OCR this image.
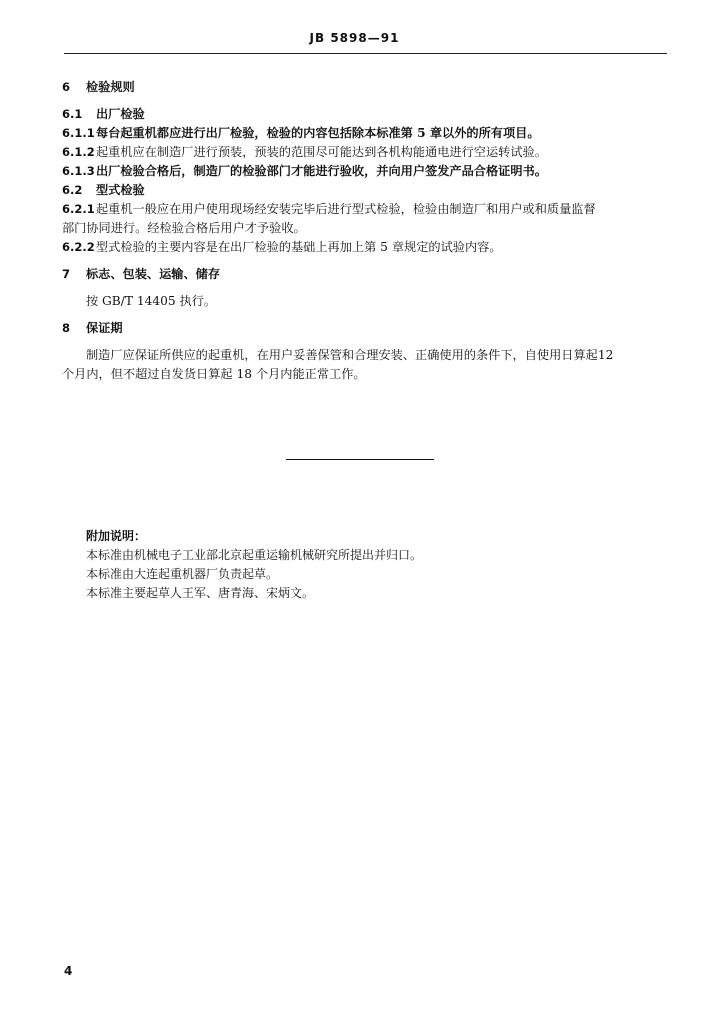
JB 5898—91
6 检验规则
6.1 出厂检验
6.1.1每台起重机都应进行出厂检验，检验的内容包括除本标准第 5 章以外的所有项目。
6.1.2起重机应在制造厂进行预装，预装的范围尽可能达到各机构能通电进行空运转试验。
6.1.3出厂检验合格后，制造厂的检验部门才能进行验收，并向用户签发产品合格证明书。
6.2 型式检验
6.2.1起重机一般应在用户使用现场经安装完毕后进行型式检验，检验由制造厂和用户或和质量监督
部门协同进行。经检验合格后用户才予验收。
6.2.2型式检验的主要内容是在出厂检验的基础上再加上第 5 章规定的试验内容。
7 标志、包装、运输、储存
按 GB/T 14405 执行。
8 保证期
制造厂应保证所供应的起重机，在用户妥善保管和合理安装、正确使用的条件下，自使用日算起12
个月内，但不超过自发货日算起 18 个月内能正常工作。
附加说明：
本标准由机械电子工业部北京起重运输机械研究所提出并归口。
本标准由大连起重机器厂负责起草。
本标准主要起草人王军、唐青海、宋炳文。
4
